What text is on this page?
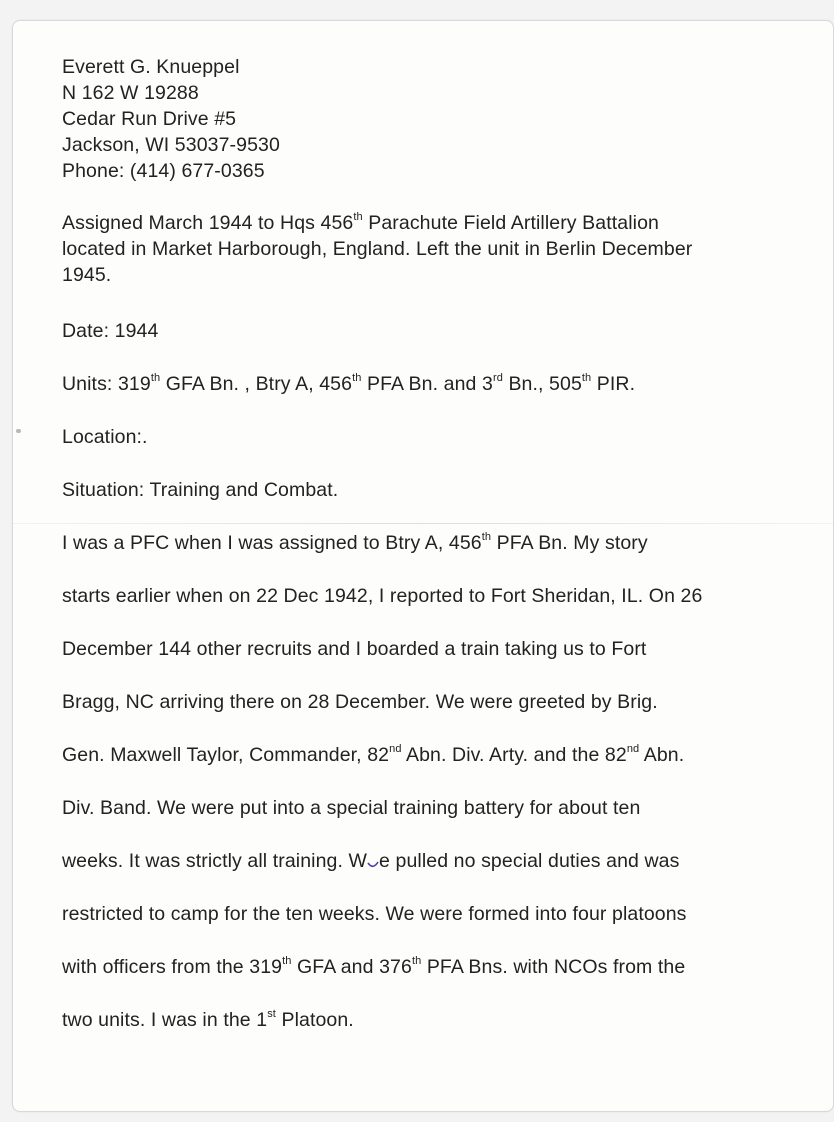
Everett G. Knueppel

N 162 W 19288

Cedar Run Drive #5

Jackson, WI 53037-9530

Phone: (414) 677-0365

Assigned March 1944 to Hqs 456th Parachute Field Artillery Battalion

located in Market Harborough, England. Left the unit in Berlin December

1945.

Date: 1944

Units: 319th GFA Bn. , Btry A, 456th PFA Bn. and 3rd Bn., 505th PIR.

Location:.

Situation: Training and Combat.

I was a PFC when I was assigned to Btry A, 456th PFA Bn. My story

starts earlier when on 22 Dec 1942, I reported to Fort Sheridan, IL. On 26

December 144 other recruits and I boarded a train taking us to Fort

Bragg, NC arriving there on 28 December. We were greeted by Brig.

Gen. Maxwell Taylor, Commander, 82nd Abn. Div. Arty. and the 82nd Abn.

Div. Band. We were put into a special training battery for about ten

weeks. It was strictly all training. W e pulled no special duties and was

restricted to camp for the ten weeks. We were formed into four platoons

with officers from the 319th GFA and 376th PFA Bns. with NCOs from the

two units. I was in the 1st Platoon.
